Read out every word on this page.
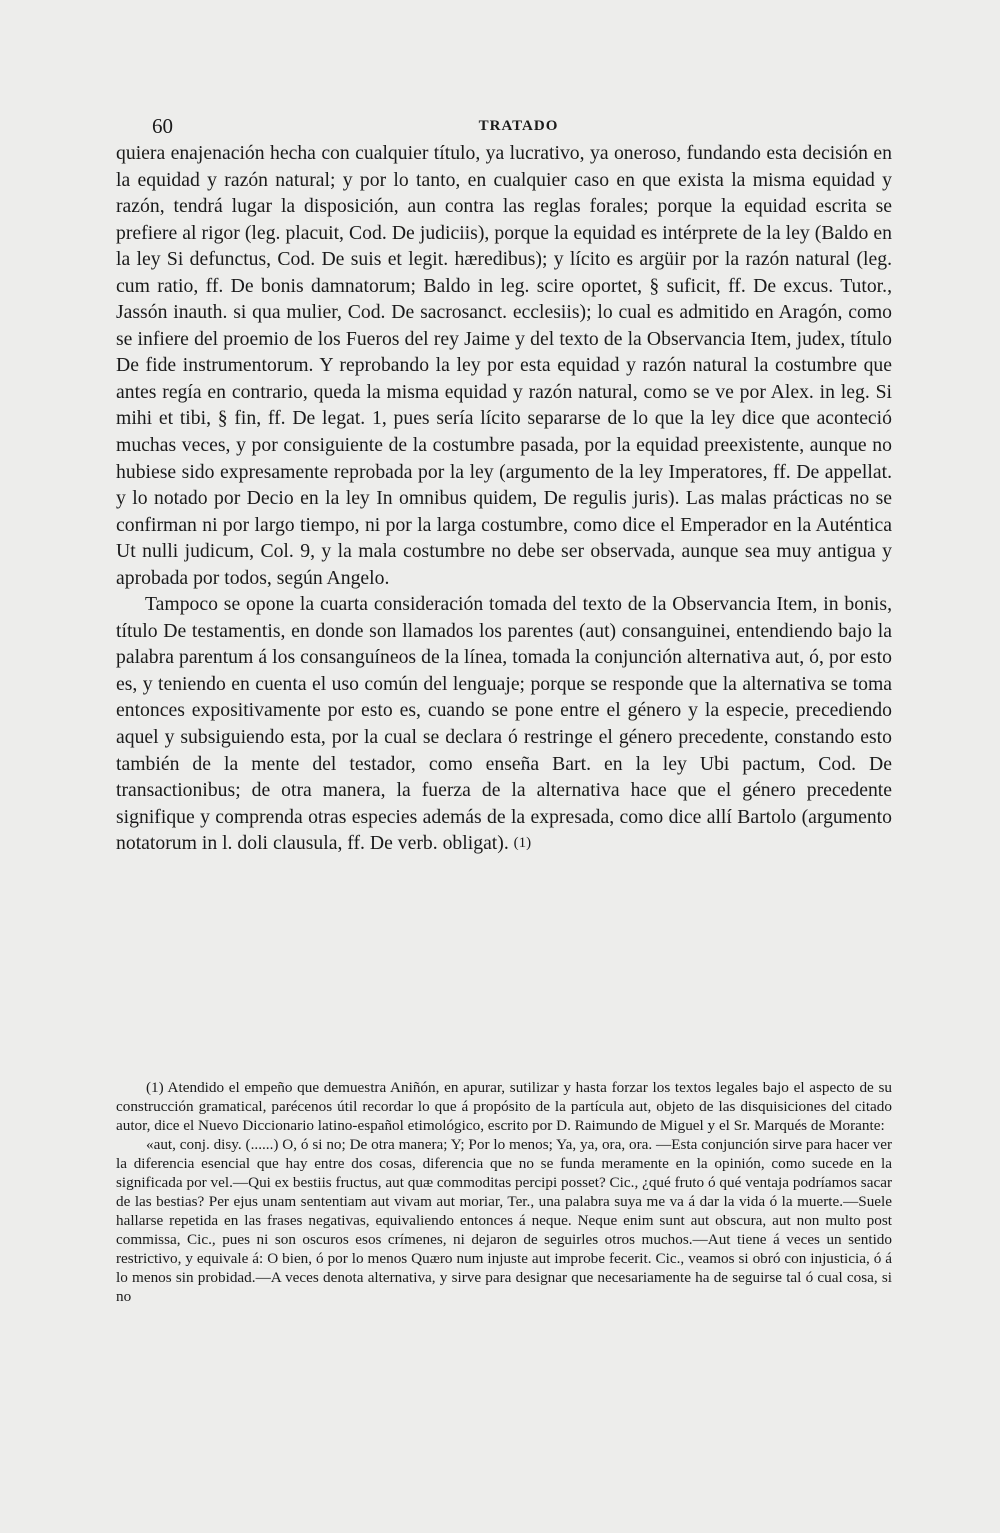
60	TRATADO

quiera enajenación hecha con cualquier título, ya lucrativo, ya oneroso, fundando esta decisión en la equidad y razón natural; y por lo tanto, en cualquier caso en que exista la misma equidad y razón, tendrá lugar la disposición, aun contra las reglas forales; porque la equidad escrita se prefiere al rigor (leg. placuit, Cod. De judiciis), porque la equidad es intérprete de la ley (Baldo en la ley Si defunctus, Cod. De suis et legit. hæredibus); y lícito es argüir por la razón natural (leg. cum ratio, ff. De bonis damnatorum; Baldo in leg. scire oportet, § suficit, ff. De excus. Tutor., Jassón inauth. si qua mulier, Cod. De sacrosanct. ecclesiis); lo cual es admitido en Aragón, como se infiere del proemio de los Fueros del rey Jaime y del texto de la Observancia Item, judex, título De fide instrumentorum. Y reprobando la ley por esta equidad y razón natural la costumbre que antes regía en contrario, queda la misma equidad y razón natural, como se ve por Alex. in leg. Si mihi et tibi, § fin, ff. De legat. 1, pues sería lícito separarse de lo que la ley dice que aconteció muchas veces, y por consiguiente de la costumbre pasada, por la equidad preexistente, aunque no hubiese sido expresamente reprobada por la ley (argumento de la ley Imperatores, ff. De appellat. y lo notado por Decio en la ley In omnibus quidem, De regulis juris). Las malas prácticas no se confirman ni por largo tiempo, ni por la larga costumbre, como dice el Emperador en la Auténtica Ut nulli judicum, Col. 9, y la mala costumbre no debe ser observada, aunque sea muy antigua y aprobada por todos, según Angelo.

Tampoco se opone la cuarta consideración tomada del texto de la Observancia Item, in bonis, título De testamentis, en donde son llamados los parentes (aut) consanguinei, entendiendo bajo la palabra parentum á los consanguíneos de la línea, tomada la conjunción alternativa aut, ó, por esto es, y teniendo en cuenta el uso común del lenguaje; porque se responde que la alternativa se toma entonces expositivamente por esto es, cuando se pone entre el género y la especie, precediendo aquel y subsiguiendo esta, por la cual se declara ó restringe el género precedente, constando esto también de la mente del testador, como enseña Bart. en la ley Ubi pactum, Cod. De transactionibus; de otra manera, la fuerza de la alternativa hace que el género precedente signifique y comprenda otras especies además de la expresada, como dice allí Bartolo (argumento notatorum in l. doli clausula, ff. De verb. obligat). (1)

(1) Atendido el empeño que demuestra Aniñón, en apurar, sutilizar y hasta forzar los textos legales bajo el aspecto de su construcción gramatical, parécenos útil recordar lo que á propósito de la partícula aut, objeto de las disquisiciones del citado autor, dice el Nuevo Diccionario latino-español etimológico, escrito por D. Raimundo de Miguel y el Sr. Marqués de Morante:

«aut, conj. disy. (......) O, ó si no; De otra manera; Y; Por lo menos; Ya, ya, ora, ora. —Esta conjunción sirve para hacer ver la diferencia esencial que hay entre dos cosas, diferencia que no se funda meramente en la opinión, como sucede en la significada por vel.—Qui ex bestiis fructus, aut quæ commoditas percipi posset? Cic., ¿qué fruto ó qué ventaja podríamos sacar de las bestias? Per ejus unam sententiam aut vivam aut moriar, Ter., una palabra suya me va á dar la vida ó la muerte.—Suele hallarse repetida en las frases negativas, equivaliendo entonces á neque. Neque enim sunt aut obscura, aut non multo post commissa, Cic., pues ni son oscuros esos crímenes, ni dejaron de seguirles otros muchos.—Aut tiene á veces un sentido restrictivo, y equivale á: O bien, ó por lo menos Quæro num injuste aut improbe fecerit. Cic., veamos si obró con injusticia, ó á lo menos sin probidad.—A veces denota alternativa, y sirve para designar que necesariamente ha de seguirse tal ó cual cosa, si no
